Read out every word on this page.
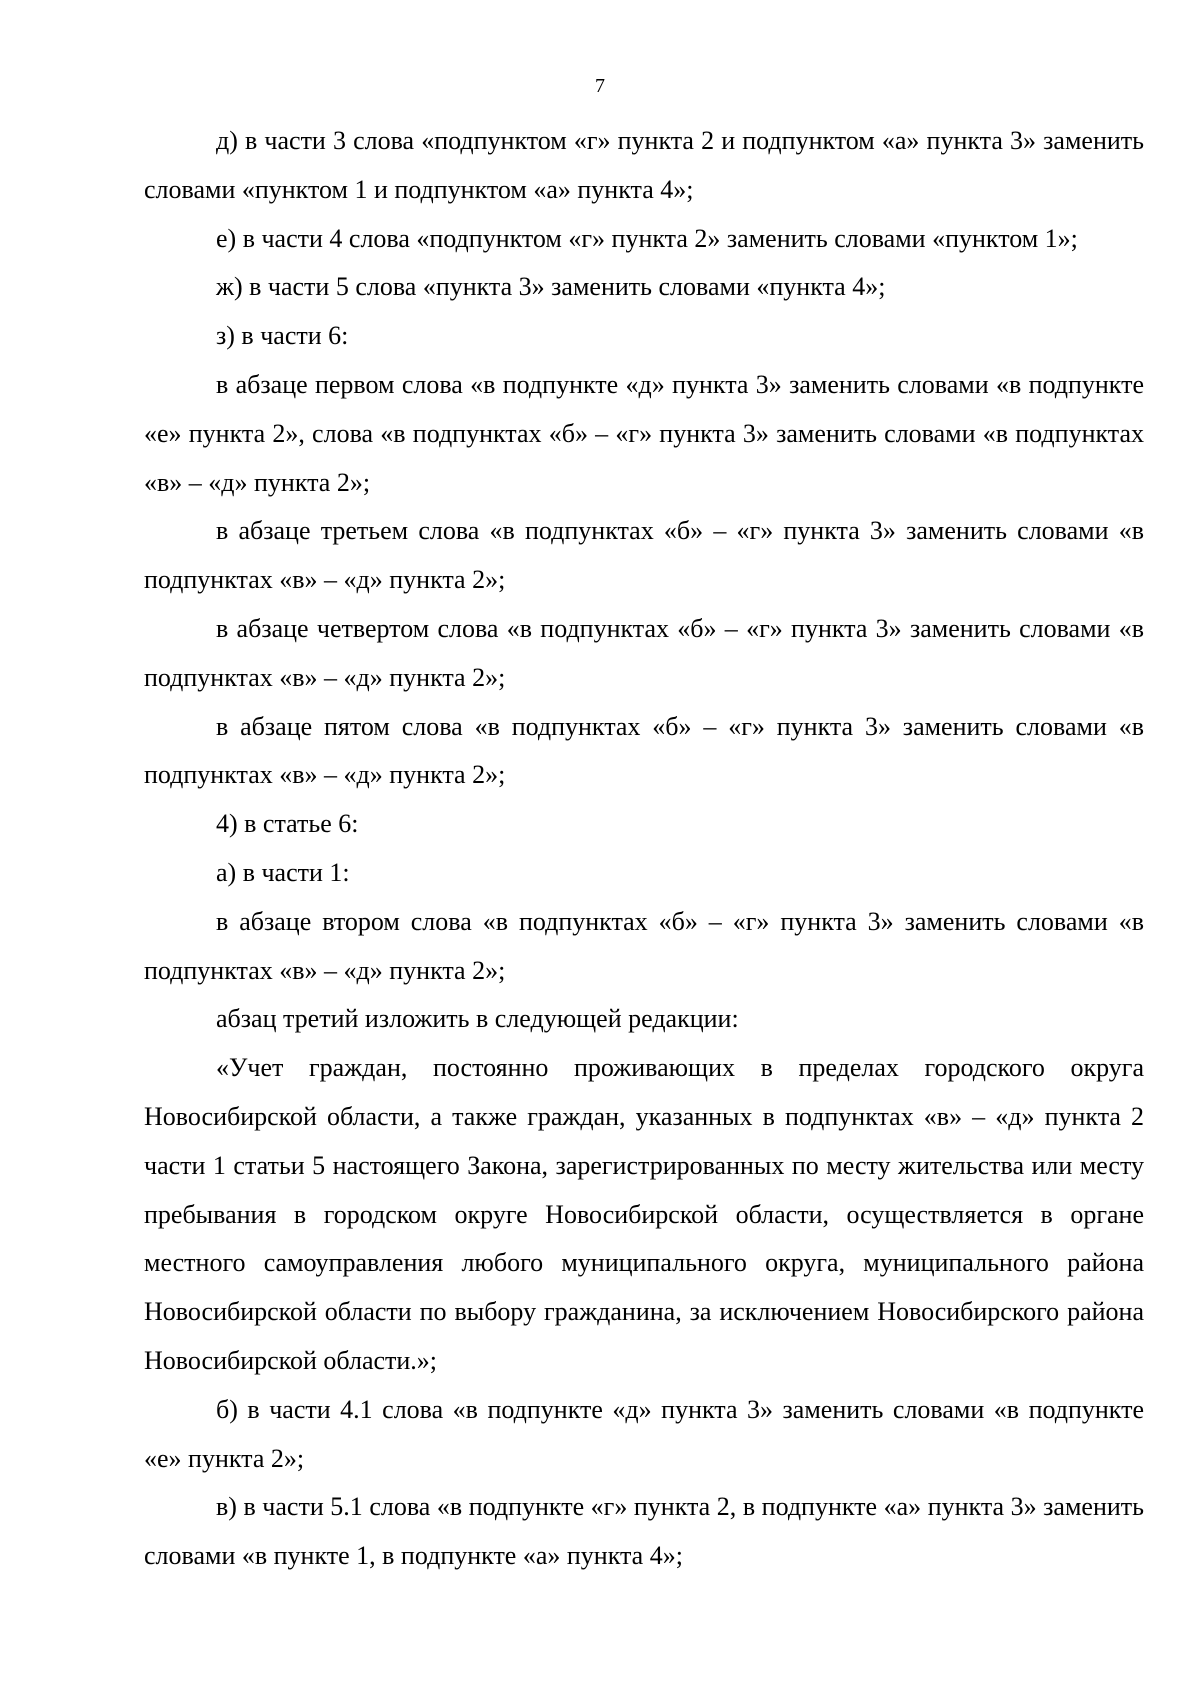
7

д) в части 3 слова «подпунктом «г» пункта 2 и подпунктом «а» пункта 3» заменить словами «пунктом 1 и подпунктом «а» пункта 4»;

е) в части 4 слова «подпунктом «г» пункта 2» заменить словами «пунктом 1»;

ж) в части 5 слова «пункта 3» заменить словами «пункта 4»;

з) в части 6:

в абзаце первом слова «в подпункте «д» пункта 3» заменить словами «в подпункте «е» пункта 2», слова «в подпунктах «б» – «г» пункта 3» заменить словами «в подпунктах «в» – «д» пункта 2»;

в абзаце третьем слова «в подпунктах «б» – «г» пункта 3» заменить словами «в подпунктах «в» – «д» пункта 2»;

в абзаце четвертом слова «в подпунктах «б» – «г» пункта 3» заменить словами «в подпунктах «в» – «д» пункта 2»;

в абзаце пятом слова «в подпунктах «б» – «г» пункта 3» заменить словами «в подпунктах «в» – «д» пункта 2»;

4) в статье 6:

а) в части 1:

в абзаце втором слова «в подпунктах «б» – «г» пункта 3» заменить словами «в подпунктах «в» – «д» пункта 2»;

абзац третий изложить в следующей редакции:

«Учет граждан, постоянно проживающих в пределах городского округа Новосибирской области, а также граждан, указанных в подпунктах «в» – «д» пункта 2 части 1 статьи 5 настоящего Закона, зарегистрированных по месту жительства или месту пребывания в городском округе Новосибирской области, осуществляется в органе местного самоуправления любого муниципального округа, муниципального района Новосибирской области по выбору гражданина, за исключением Новосибирского района Новосибирской области.»;

б) в части 4.1 слова «в подпункте «д» пункта 3» заменить словами «в подпункте «е» пункта 2»;

в) в части 5.1 слова «в подпункте «г» пункта 2, в подпункте «а» пункта 3» заменить словами «в пункте 1, в подпункте «а» пункта 4»;
